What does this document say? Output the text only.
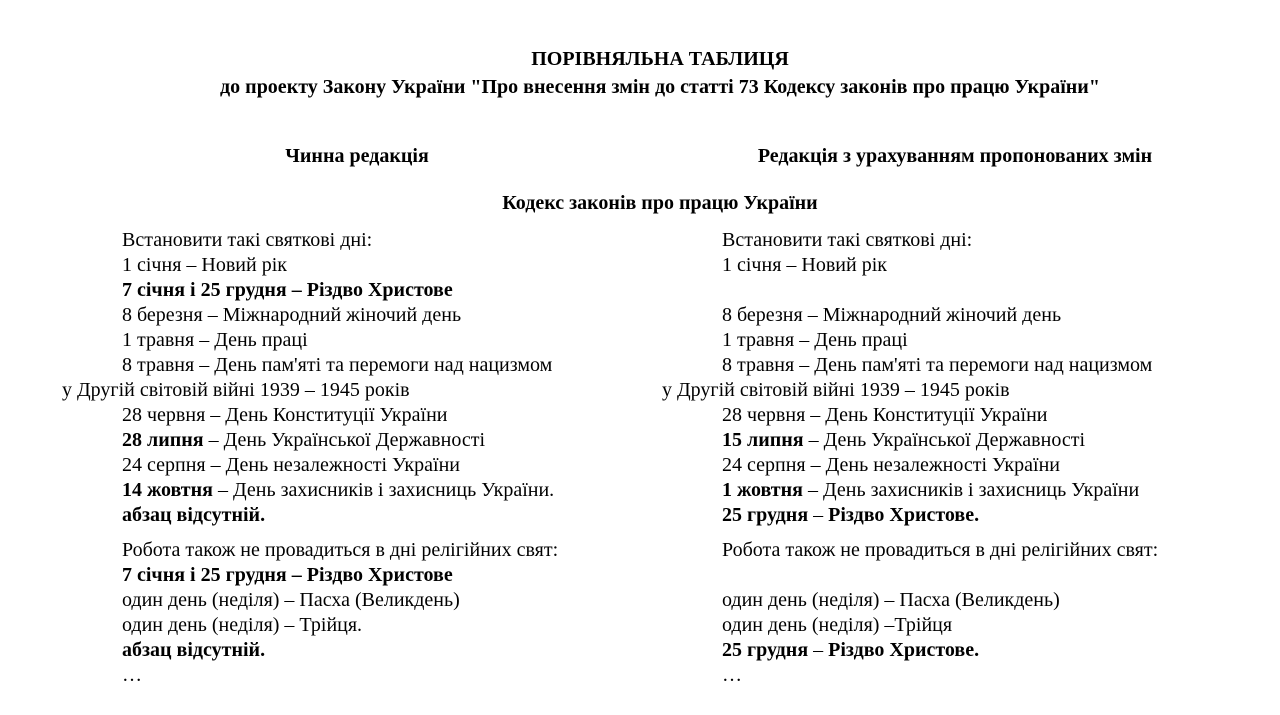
ПОРІВНЯЛЬНА ТАБЛИЦЯ
до проекту Закону України "Про внесення змін до статті 73 Кодексу законів про працю України"
Чинна редакція	Редакція з урахуванням пропонованих змін
Кодекс законів про працю України
Встановити такі святкові дні:
1 січня – Новий рік
7 січня і 25 грудня – Різдво Христове
8 березня – Міжнародний жіночий день
1 травня – День праці
8 травня – День пам'яті та перемоги над нацизмом
у Другій світовій війні 1939 – 1945 років
28 червня – День Конституції України
28 липня – День Української Державності
24 серпня – День незалежності України
14 жовтня – День захисників і захисниць України.
абзац відсутній.
Робота також не провадиться в дні релігійних свят:
7 січня і 25 грудня – Різдво Христове
один день (неділя) – Пасха (Великдень)
один день (неділя) – Трійця.
абзац відсутній.
…
Встановити такі святкові дні:
1 січня – Новий рік

8 березня – Міжнародний жіночий день
1 травня – День праці
8 травня – День пам'яті та перемоги над нацизмом
у Другій світовій війні 1939 – 1945 років
28 червня – День Конституції України
15 липня – День Української Державності
24 серпня – День незалежності України
1 жовтня – День захисників і захисниць України
25 грудня – Різдво Христове.
Робота також не провадиться в дні релігійних свят:

один день (неділя) – Пасха (Великдень)
один день (неділя) –Трійця
25 грудня – Різдво Христове.
…
